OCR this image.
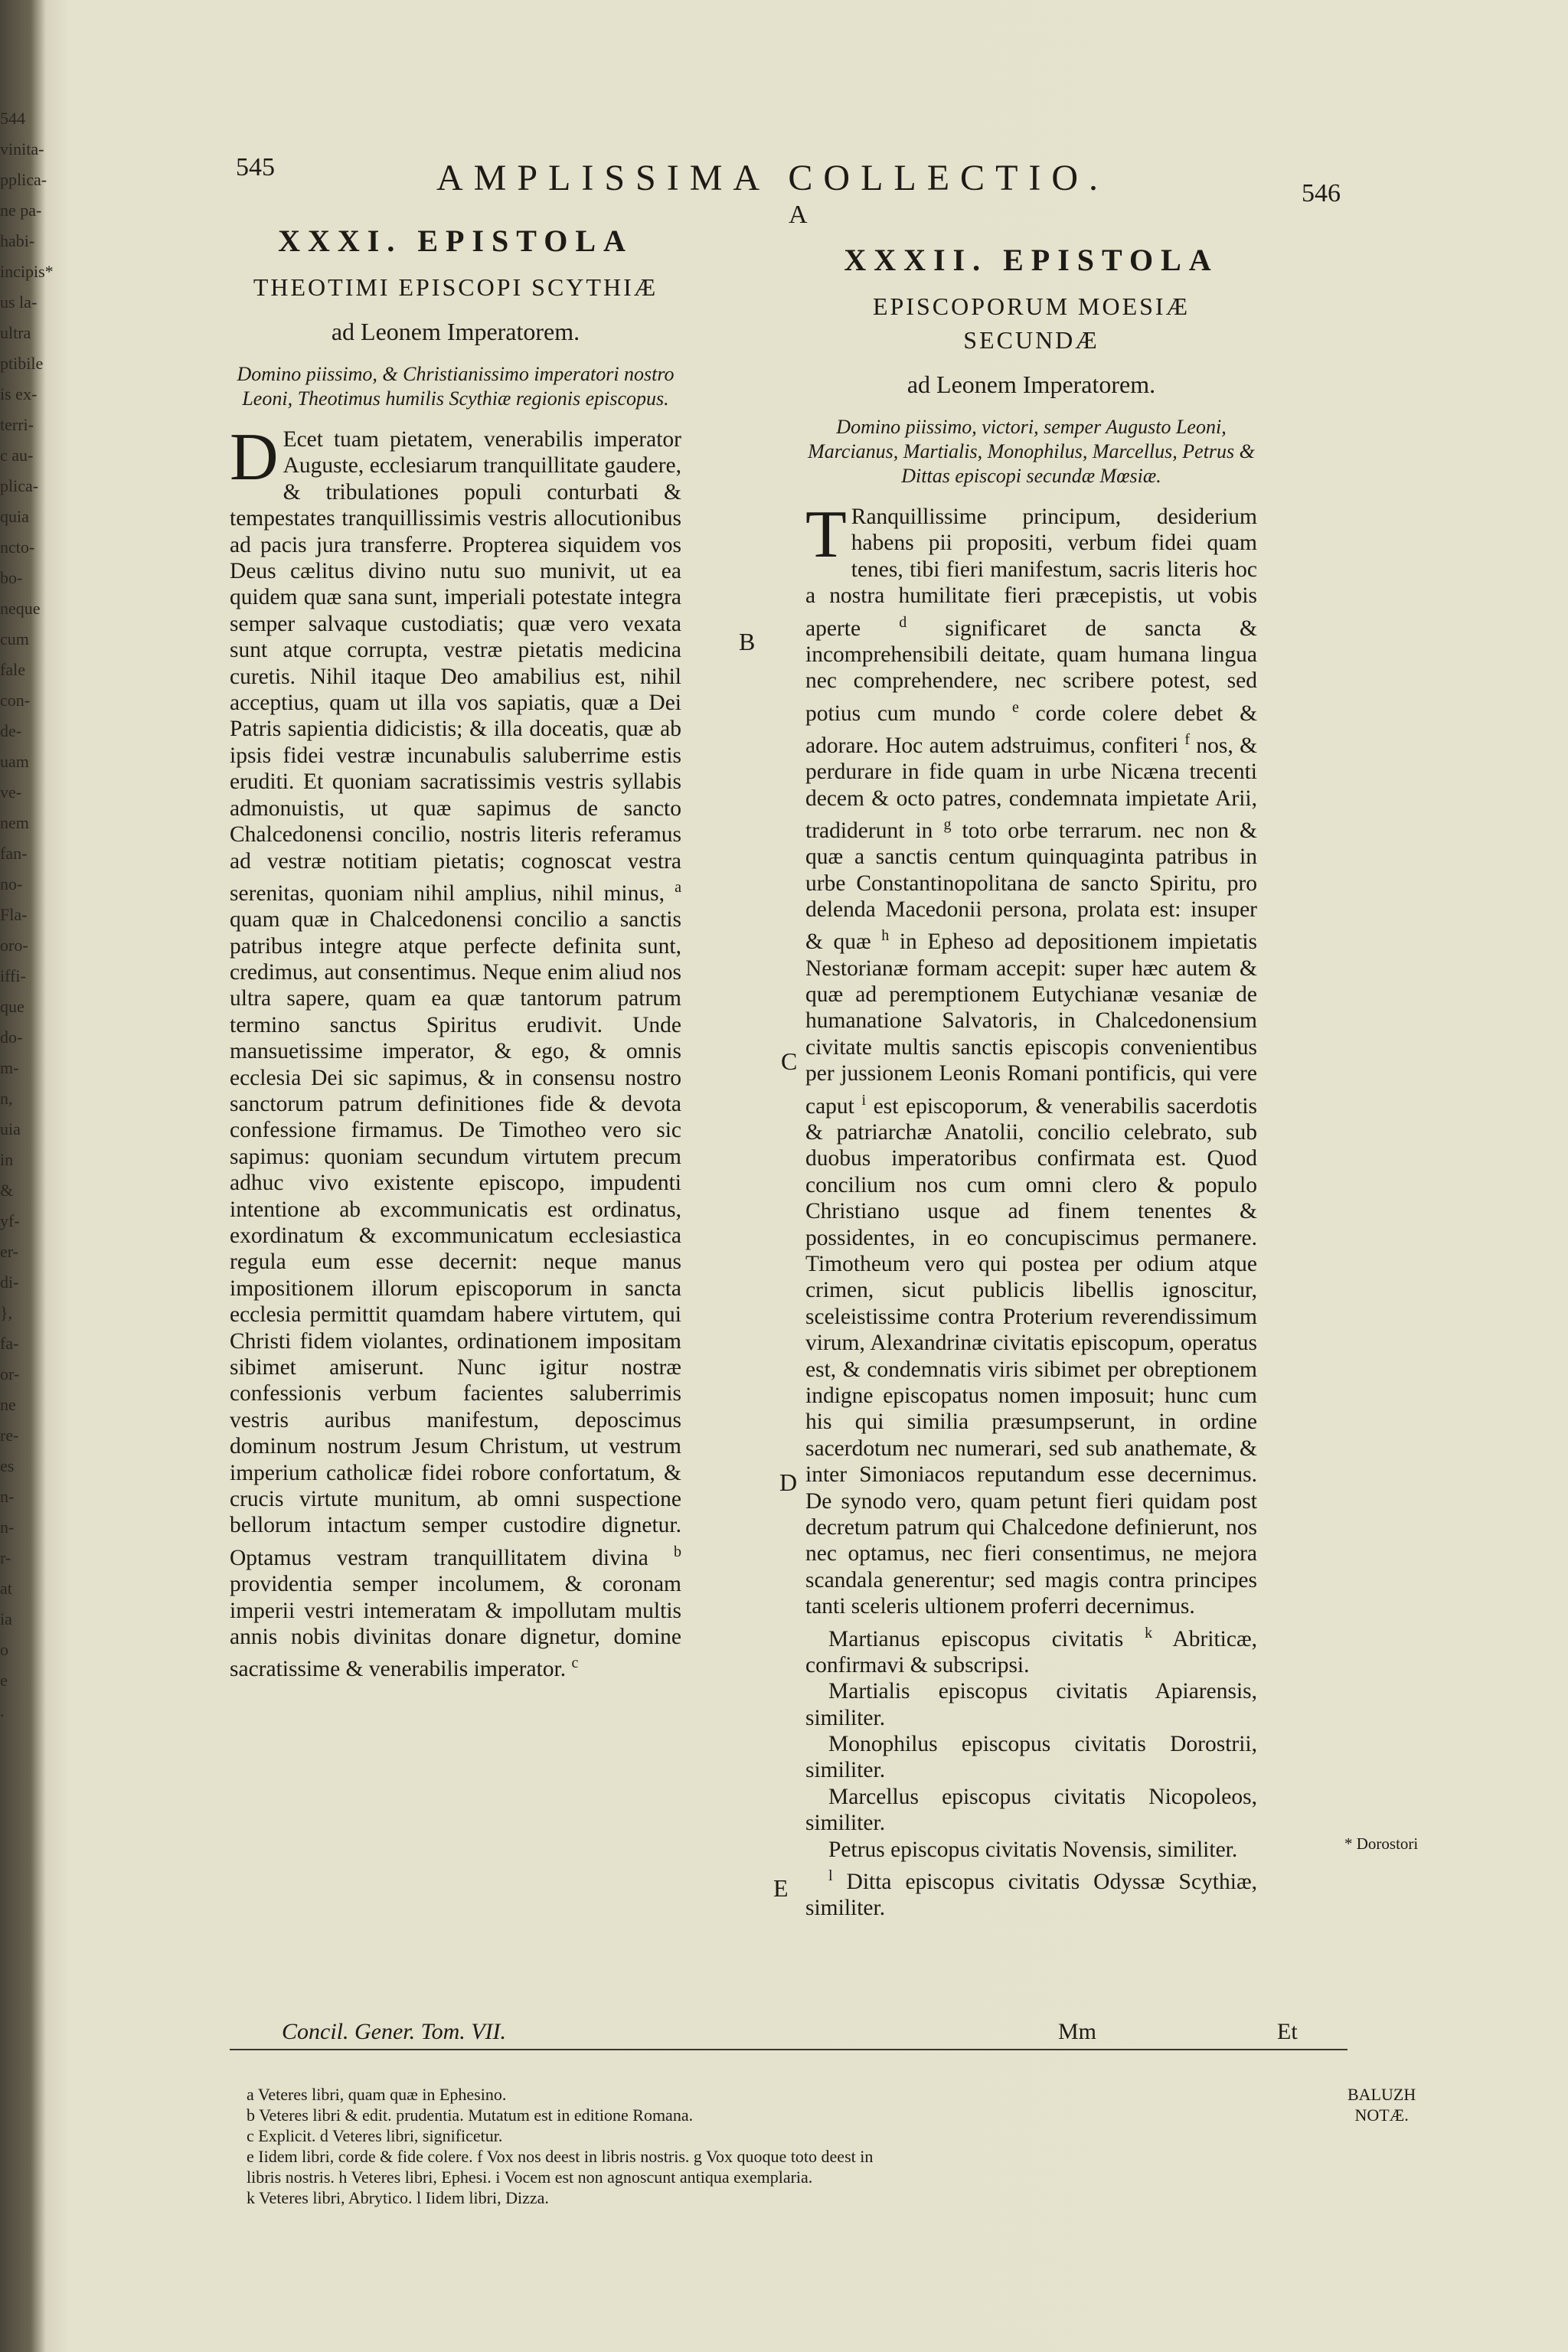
544
vinita-
pplica-
ne pa-
habi-
incipis*
us la-
ultra
ptibile
is ex-
terri-
c au-
plica-
quia
ncto-
bo-
neque
cum
fale
con-
de-
uam
ve-
nem
fan-
no-
Fla-
oro-
iffi-
que
do-
m-
n,
uia
in
&
yf-
er-
di-
},
fa-
or-
ne
re-
es
n-
n-
r-
at
ia
o
e
.
545	AMPLISSIMA COLLECTIO.	546
A
XXXI. EPISTOLA
THEOTIMI EPISCOPI SCYTHIÆ
ad Leonem Imperatorem.
Domino piissimo, & Christianissimo imperatori nostro Leoni, Theotimus humilis Scythiæ regionis episcopus.

D Ecet tuam pietatem, venerabilis imperator Auguste, ecclesiarum tranquillitate gaudere, & tribulationes populi conturbati & tempestates tranquillissimis vestris allocutionibus ad pacis jura transferre. Propterea siquidem vos Deus cælitus divino nutu suo munivit, ut ea quidem quæ sana sunt, imperiali potestate integra semper salvaque custodiatis; quæ vero vexata sunt atque corrupta, vestræ pietatis medicina curetis. Nihil itaque Deo amabilius est, nihil acceptius, quam ut illa vos sapiatis, quæ a Dei Patris sapientia didicistis; & illa doceatis, quæ ab ipsis fidei vestræ incunabulis saluberrime estis eruditi. Et quoniam sacratissimis vestris syllabis admonuistis, ut quæ sapimus de sancto Chalcedonensi concilio, nostris literis referamus ad vestræ notitiam pietatis; cognoscat vestra serenitas, quoniam nihil amplius, nihil minus, $^a$ quam quæ in Chalcedonensi concilio a sanctis patribus integre atque perfecte definita sunt, credimus, aut consentimus. Neque enim aliud nos ultra sapere, quam ea quæ tantorum patrum termino sanctus Spiritus erudivit. Unde mansuetissime imperator, & ego, & omnis ecclesia Dei sic sapimus, & in consensu nostro sanctorum patrum definitiones fide & devota confessione firmamus. De Timotheo vero sic sapimus: quoniam secundum virtutem precum adhuc vivo existente episcopo, impudenti intentione ab excommunicatis est ordinatus, exordinatum & excommunicatum ecclesiastica regula eum esse decernit: neque manus impositionem illorum episcoporum in sancta ecclesia permittit quamdam habere virtutem, qui Christi fidem violantes, ordinationem impositam sibimet amiserunt. Nunc igitur nostræ confessionis verbum facientes saluberrimis vestris auribus manifestum, deposcimus dominum nostrum Jesum Christum, ut vestrum imperium catholicæ fidei robore confortatum, & crucis virtute munitum, ab omni suspectione bellorum intactum semper custodire dignetur. Optamus vestram tranquillitatem divina $^b$ providentia semper incolumem, & coronam imperii vestri intemeratam & impollutam multis annis nobis divinitas donare dignetur, domine sacratissime & venerabilis imperator. $^c$

B
C
D
E
XXXII. EPISTOLA
EPISCOPORUM MOESIÆ SECUNDÆ
ad Leonem Imperatorem.
Domino piissimo, victori, semper Augusto Leoni, Marcianus, Martialis, Monophilus, Marcellus, Petrus & Dittas episcopi secundæ Mœsiæ.

T Ranquillissime principum, desiderium habens pii propositi, verbum fidei quam tenes, tibi fieri manifestum, sacris literis hoc a nostra humilitate fieri præcepistis, ut vobis aperte	$^d$ significaret de sancta & incomprehensibili deitate, quam humana lingua nec comprehendere, nec scribere potest, sed potius cum mundo $^e$ corde colere debet & adorare. Hoc autem adstruimus, confiteri $^f$ nos, & perdurare in fide quam in urbe Nicæna trecenti decem & octo patres, condemnata impietate Arii, tradiderunt in $^g$ toto orbe terrarum. nec non & quæ a sanctis centum quinquaginta patribus in urbe Constantinopolitana de sancto Spiritu, pro delenda Macedonii persona, prolata est: insuper & quæ $^h$ in Epheso ad depositionem impietatis Nestorianæ formam accepit: super hæc autem & quæ ad peremptionem Eutychianæ vesaniæ de humanatione Salvatoris, in Chalcedonensium civitate multis sanctis episcopis convenientibus per jussionem Leonis Romani pontificis, qui vere caput $^i$ est episcoporum, & venerabilis sacerdotis & patriarchæ Anatolii, concilio celebrato, sub duobus imperatoribus confirmata est. Quod concilium nos cum omni clero & populo Christiano usque ad finem tenentes & possidentes, in eo concupiscimus permanere. Timotheum vero qui postea per odium atque crimen, sicut publicis libellis ignoscitur, sceleistissime contra Proterium reverendissimum virum, Alexandrinæ civitatis episcopum, operatus est, & condemnatis viris sibimet per obreptionem indigne episcopatus nomen imposuit; hunc cum his qui similia præsumpserunt, in ordine sacerdotum nec numerari, sed sub anathemate, & inter Simoniacos reputandum esse decernimus. De synodo vero, quam petunt fieri quidam post decretum patrum qui Chalcedone definierunt, nos nec optamus, nec fieri consentimus, ne mejora scandala generentur; sed magis contra principes tanti sceleris ultionem proferri decernimus.

Martianus episcopus civitatis $^k$ Abriticæ, confirmavi & subscripsi.

Martialis episcopus civitatis Apiarensis, similiter.

Monophilus episcopus civitatis Dorostrii, similiter.

Marcellus episcopus civitatis Nicopoleos, similiter.

Petrus episcopus civitatis Novensis, similiter.

$^l$ Ditta episcopus civitatis Odyssæ Scythiæ, similiter.

* Dorostori
Concil. Gener. Tom. VII.	Mm	Et
a Veteres libri, quam quæ in Ephesino.
b Veteres libri & edit. prudentia. Mutatum est in editione Romana.
c Explicit. d Veteres libri, significetur.
e Iidem libri, corde & fide colere. f Vox nos deest in libris nostris. g Vox quoque toto deest in
libris nostris. h Veteres libri, Ephesi. i Vocem est non agnoscunt antiqua exemplaria.
k Veteres libri, Abrytico. l Iidem libri, Dizza.
BALUZH
NOTÆ.
